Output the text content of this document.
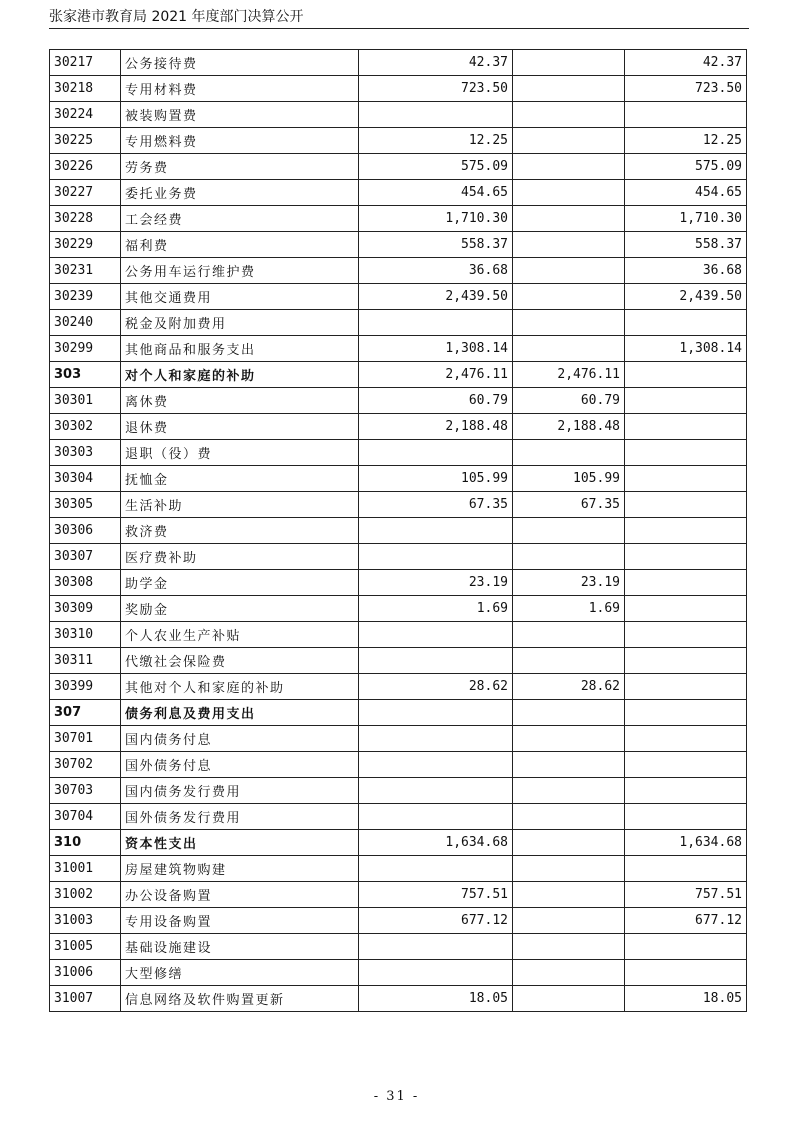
张家港市教育局 2021 年度部门决算公开
30217	公务接待费	42.37		42.37
30218	专用材料费	723.50		723.50
30224	被装购置费			
30225	专用燃料费	12.25		12.25
30226	劳务费	575.09		575.09
30227	委托业务费	454.65		454.65
30228	工会经费	1,710.30		1,710.30
30229	福利费	558.37		558.37
30231	公务用车运行维护费	36.68		36.68
30239	其他交通费用	2,439.50		2,439.50
30240	税金及附加费用			
30299	其他商品和服务支出	1,308.14		1,308.14
303	对个人和家庭的补助	2,476.11	2,476.11	
30301	离休费	60.79	60.79	
30302	退休费	2,188.48	2,188.48	
30303	退职（役）费			
30304	抚恤金	105.99	105.99	
30305	生活补助	67.35	67.35	
30306	救济费			
30307	医疗费补助			
30308	助学金	23.19	23.19	
30309	奖励金	1.69	1.69	
30310	个人农业生产补贴			
30311	代缴社会保险费			
30399	其他对个人和家庭的补助	28.62	28.62	
307	债务利息及费用支出			
30701	国内债务付息			
30702	国外债务付息			
30703	国内债务发行费用			
30704	国外债务发行费用			
310	资本性支出	1,634.68		1,634.68
31001	房屋建筑物购建			
31002	办公设备购置	757.51		757.51
31003	专用设备购置	677.12		677.12
31005	基础设施建设			
31006	大型修缮			
31007	信息网络及软件购置更新	18.05		18.05
- 31 -
